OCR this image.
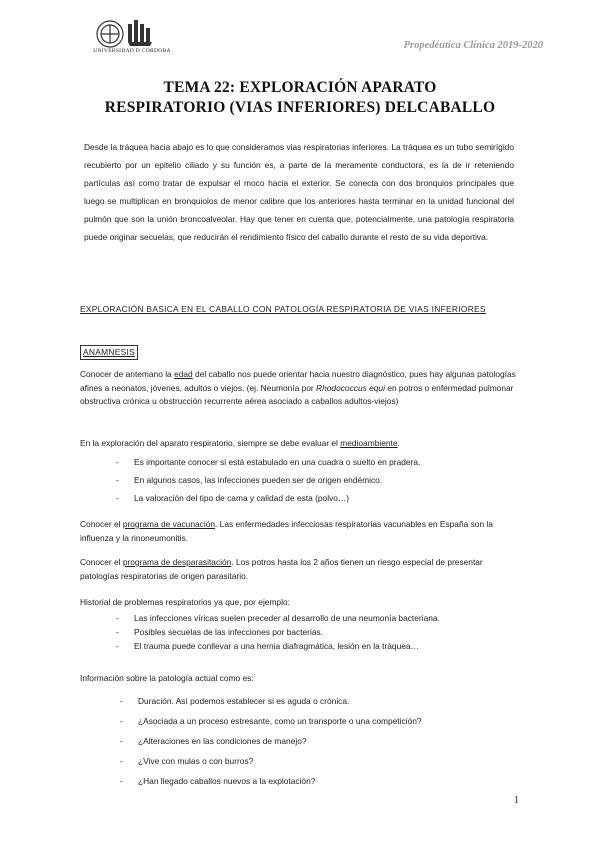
UNIVERSIDAD D CÓRDOBA	Propedéutica Clínica 2019-2020
TEMA 22: EXPLORACIÓN APARATO
RESPIRATORIO (VIAS INFERIORES) DELCABALLO
Desde la tráquea hacia abajo es lo que consideramos vias respiratorias inferiores. La tráquea es un tubo semirígido recubierto por un epitelio ciliado y su función es, a parte de la meramente conductora, es la de ir reteniendo partículas así como tratar de expulsar el moco hacia el exterior. Se conecta con dos bronquios principales que luego se multiplican en bronquiolos de menor calibre que los anteriores hasta terminar en la unidad funcional del pulmón que son la unión broncoalveolar. Hay que tener en cuenta que, potencialmente, una patología respiratoria puede originar secuelas, que reducirán el rendimiento físico del caballo durante el resto de su vida deportiva.
EXPLORACIÓN BASICA EN EL CABALLO CON PATOLOGÍA RESPIRATORIA DE VIAS INFERIORES
ANAMNESIS
Conocer de antemano la edad del caballo nos puede orientar hacia nuestro diagnóstico, pues hay algunas patologías afines a neonatos, jóvenes, adultos o viejos. (ej. Neumonía por Rhodococcus equi en potros o enfermedad pulmonar obstructiva crónica u obstrucción recurrente aérea asociado a caballos adultos-viejos)
En la exploración del aparato respiratorio, siempre se debe evaluar el medioambiente.
- Es importante conocer si está estabulado en una cuadra o suelto en pradera.
- En algunos casos, las infecciones pueden ser de origen endémico.
- La valoración del tipo de cama y calidad de esta (polvo…)
Conocer el programa de vacunación. Las enfermedades infecciosas respiratorias vacunables en España son la influenza y la rinoneumonitis.
Conocer el programa de desparasitación. Los potros hasta los 2 años tienen un riesgo especial de presentar patologías respiratorias de origen parasitario.
Historial de problemas respiratorios ya que, por ejemplo:
- Las infecciones víricas suelen preceder al desarrollo de una neumonía bacteriana.
- Posibles secuelas de las infecciones por bacterias.
- El trauma puede conllevar a una hernia diafragmática, lesión en la tráquea…
Información sobre la patología actual como es:
- Duración. Así podemos establecer si es aguda o crónica.
- ¿Asociada a un proceso estresante, como un transporte o una competición?
- ¿Alteraciones en las condiciones de manejo?
- ¿Vive con mulas o con burros?
- ¿Han llegado caballos nuevos a la explotación?
1
